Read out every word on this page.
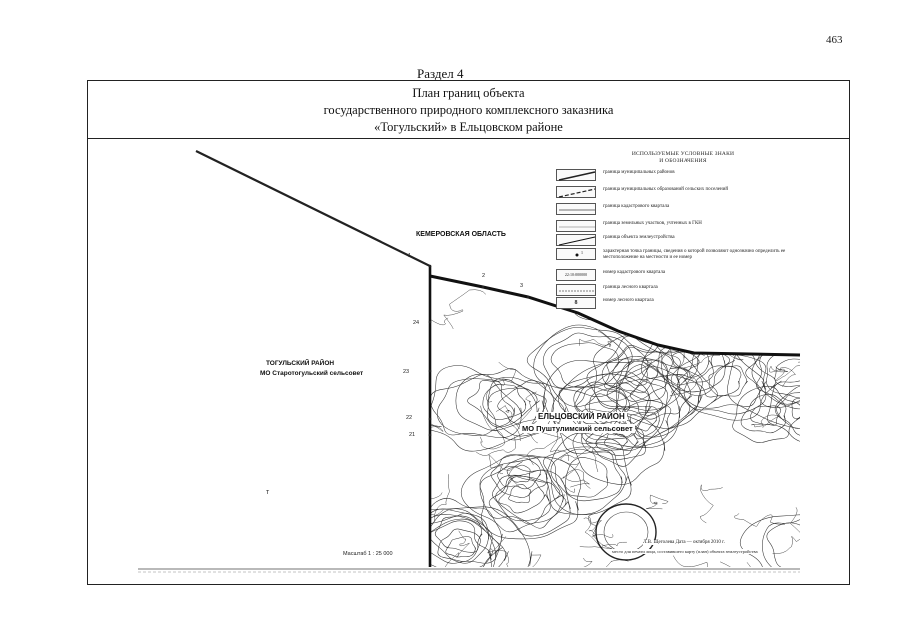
463
Раздел 4
План границ объекта
государственного природного комплексного заказника
«Тогульский» в Ельцовском районе
т
ИСПОЛЬЗУЕМЫЕ УСЛОВНЫЕ ЗНАКИ
И ОБОЗНАЧЕНИЯ
граница муниципальных районов
граница муниципальных образований сельских поселений
граница кадастрового квартала
граница земельных участков, учтенных в ГКН
граница объекта землеустройства
1	характерная точка границы, сведения о которой позволяют однозначно определить ее местоположение на местности и ее номер
22:10:000000	номер кадастрового квартала
граница лесного квартала
8	номер лесного квартала
КЕМЕРОВСКАЯ ОБЛАСТЬ
ТОГУЛЬСКИЙ РАЙОН
МО Старотогульский сельсовет
ЕЛЬЦОВСКИЙ РАЙОН
МО Пуштулимский сельсовет
1
2
3
24
23
22
21
Масштаб 1 : 25 000
Л.В. Щеголева Дата — октября 2010 г.
место для печати лица, составившего карту (план) объекта землеустройства
